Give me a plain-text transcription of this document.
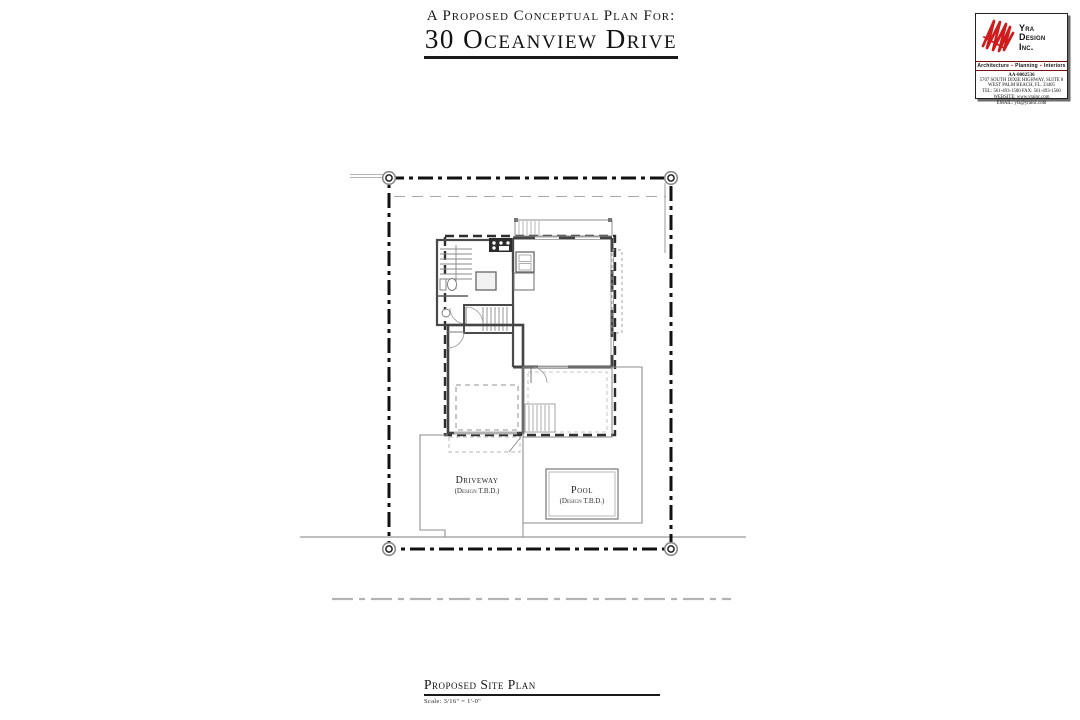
A Proposed Conceptual Plan For:
30 Oceanview Drive	Yra
Design
Inc.
Architecture ▪ Planning ▪ Interiors
AA-0002536
5707 SOUTH DIXIE HIGHWAY, SUITE 8
WEST PALM BEACH, FL. 33405
TEL: 561-493-1500 FAX: 561-493-1560
WEBSITE: www.yrainc.com
EMAIL: yra@yrainc.com
Pool
(Design T.B.D.)
Driveway
(Design T.B.D.)
Proposed Site Plan
Scale: 3/16" = 1'-0"
